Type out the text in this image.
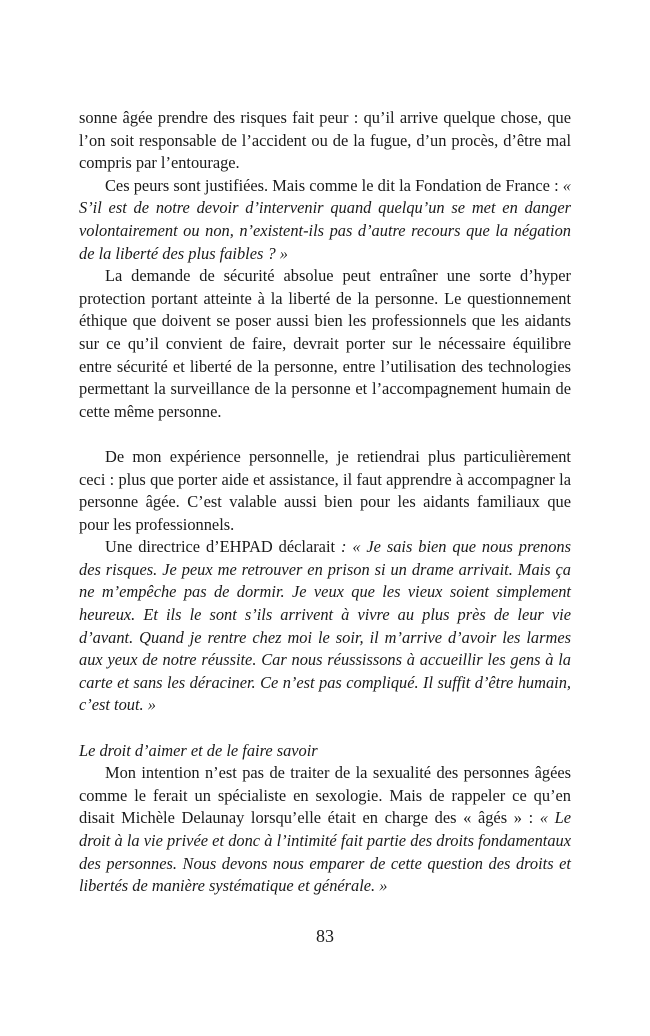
sonne âgée prendre des risques fait peur : qu’il arrive quelque chose, que l’on soit responsable de l’accident ou de la fugue, d’un procès, d’être mal compris par l’entourage.

Ces peurs sont justifiées. Mais comme le dit la Fondation de France : « S’il est de notre devoir d’intervenir quand quelqu’un se met en danger volontairement ou non, n’existent-ils pas d’autre recours que la négation de la liberté des plus faibles ? »

La demande de sécurité absolue peut entraîner une sorte d’hyper protection portant atteinte à la liberté de la personne. Le questionnement éthique que doivent se poser aussi bien les professionnels que les aidants sur ce qu’il convient de faire, devrait porter sur le nécessaire équilibre entre sécurité et liberté de la personne, entre l’utilisation des technologies permettant la surveillance de la personne et l’accompagnement humain de cette même personne.

De mon expérience personnelle, je retiendrai plus particulièrement ceci : plus que porter aide et assistance, il faut apprendre à accompagner la personne âgée. C’est valable aussi bien pour les aidants familiaux que pour les professionnels.

Une directrice d’EHPAD déclarait : « Je sais bien que nous prenons des risques. Je peux me retrouver en prison si un drame arrivait. Mais ça ne m’empêche pas de dormir. Je veux que les vieux soient simplement heureux. Et ils le sont s’ils arrivent à vivre au plus près de leur vie d’avant. Quand je rentre chez moi le soir, il m’arrive d’avoir les larmes aux yeux de notre réussite. Car nous réussissons à accueillir les gens à la carte et sans les déraciner. Ce n’est pas compliqué. Il suffit d’être humain, c’est tout. »

Le droit d’aimer et de le faire savoir

Mon intention n’est pas de traiter de la sexualité des personnes âgées comme le ferait un spécialiste en sexologie. Mais de rappeler ce qu’en disait Michèle Delaunay lorsqu’elle était en charge des « âgés » : « Le droit à la vie privée et donc à l’intimité fait partie des droits fondamentaux des personnes. Nous devons nous emparer de cette question des droits et libertés de manière systématique et générale. »

83
